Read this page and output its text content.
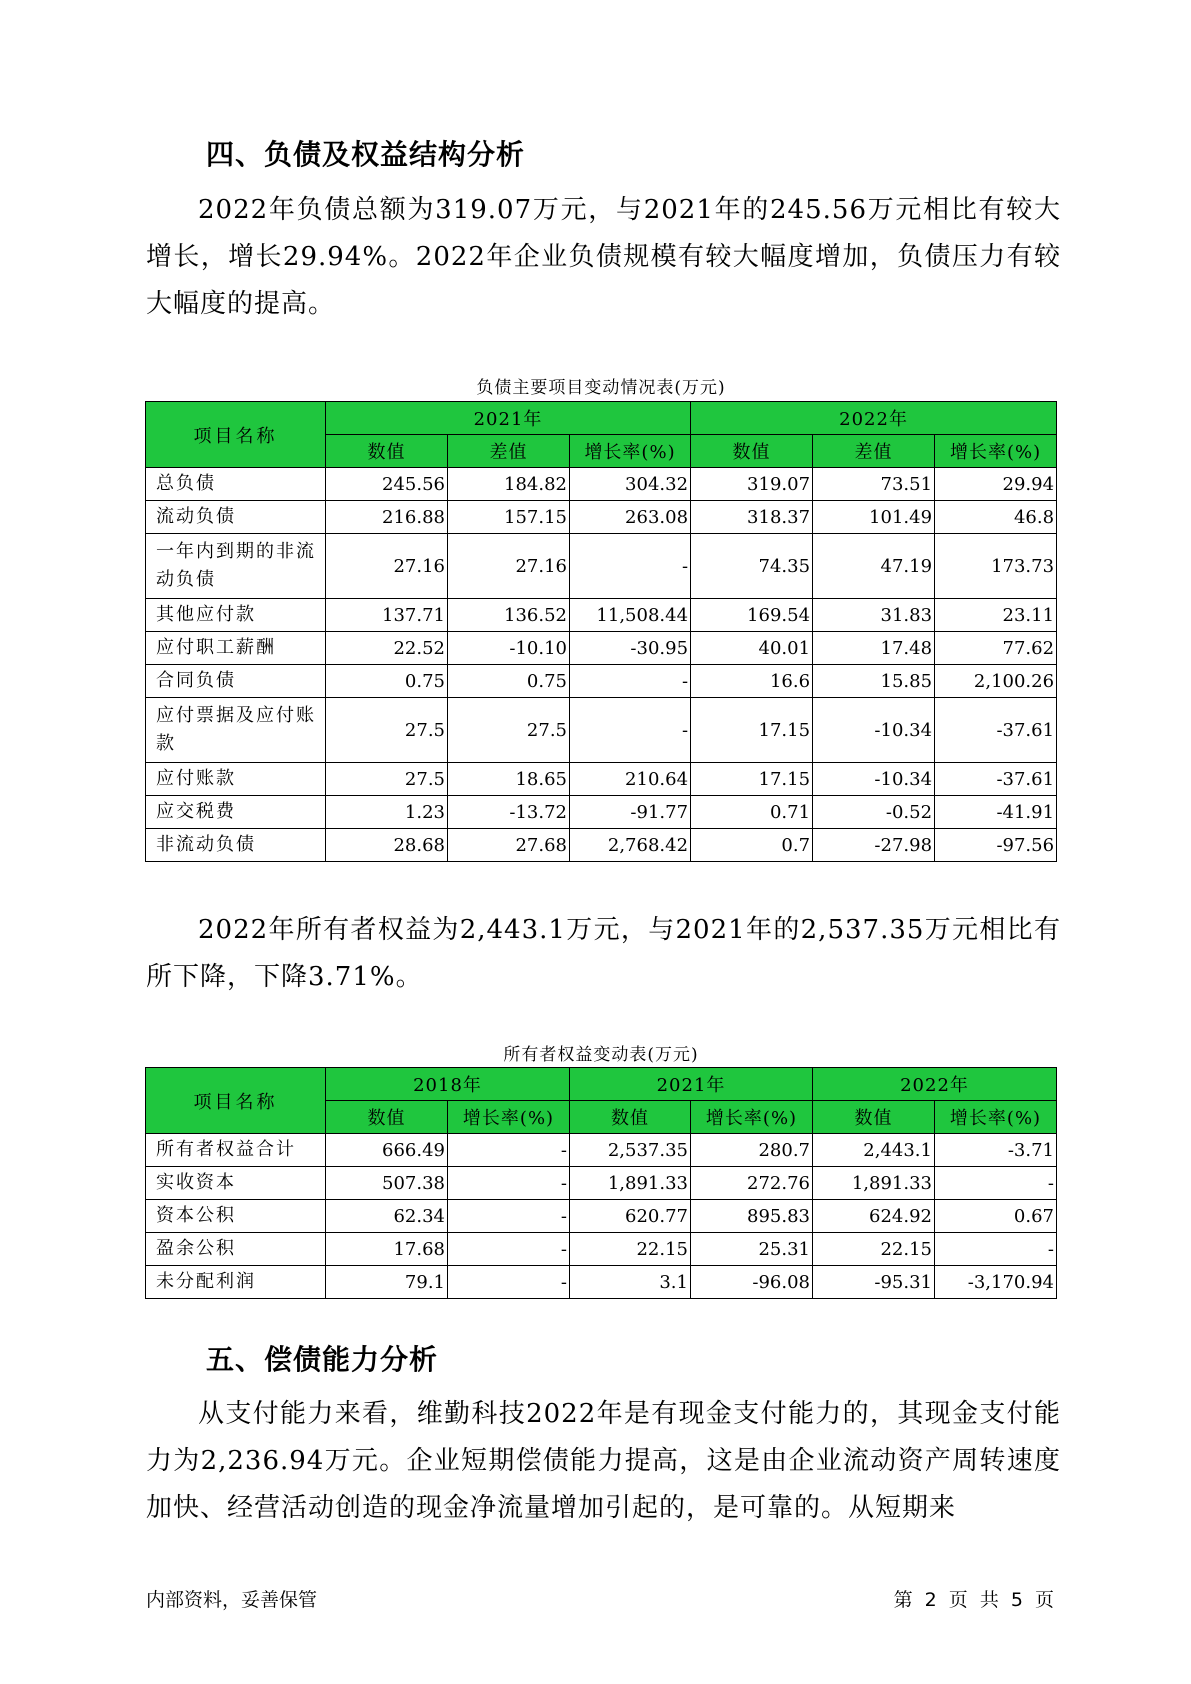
四、负债及权益结构分析

2022年负债总额为319.07万元，与2021年的245.56万元相比有较大增长，增长29.94%。2022年企业负债规模有较大幅度增加，负债压力有较大幅度的提高。

负债主要项目变动情况表(万元)
项目名称	2021年			2022年		
	数值	差值	增长率(%)	数值	差值	增长率(%)
总负债	245.56	184.82	304.32	319.07	73.51	29.94
流动负债	216.88	157.15	263.08	318.37	101.49	46.8
一年内到期的非流动负债	27.16	27.16	-	74.35	47.19	173.73
其他应付款	137.71	136.52	11,508.44	169.54	31.83	23.11
应付职工薪酬	22.52	-10.10	-30.95	40.01	17.48	77.62
合同负债	0.75	0.75	-	16.6	15.85	2,100.26
应付票据及应付账款	27.5	27.5	-	17.15	-10.34	-37.61
应付账款	27.5	18.65	210.64	17.15	-10.34	-37.61
应交税费	1.23	-13.72	-91.77	0.71	-0.52	-41.91
非流动负债	28.68	27.68	2,768.42	0.7	-27.98	-97.56

2022年所有者权益为2,443.1万元，与2021年的2,537.35万元相比有所下降，下降3.71%。

所有者权益变动表(万元)
项目名称	2018年		2021年		2022年	
	数值	增长率(%)	数值	增长率(%)	数值	增长率(%)
所有者权益合计	666.49	-	2,537.35	280.7	2,443.1	-3.71
实收资本	507.38	-	1,891.33	272.76	1,891.33	-
资本公积	62.34	-	620.77	895.83	624.92	0.67
盈余公积	17.68	-	22.15	25.31	22.15	-
未分配利润	79.1	-	3.1	-96.08	-95.31	-3,170.94
五、偿债能力分析

从支付能力来看，维勤科技2022年是有现金支付能力的，其现金支付能力为2,236.94万元。企业短期偿债能力提高，这是由企业流动资产周转速度加快、经营活动创造的现金净流量增加引起的，是可靠的。从短期来

内部资料，妥善保管	第 2 页 共 5 页
